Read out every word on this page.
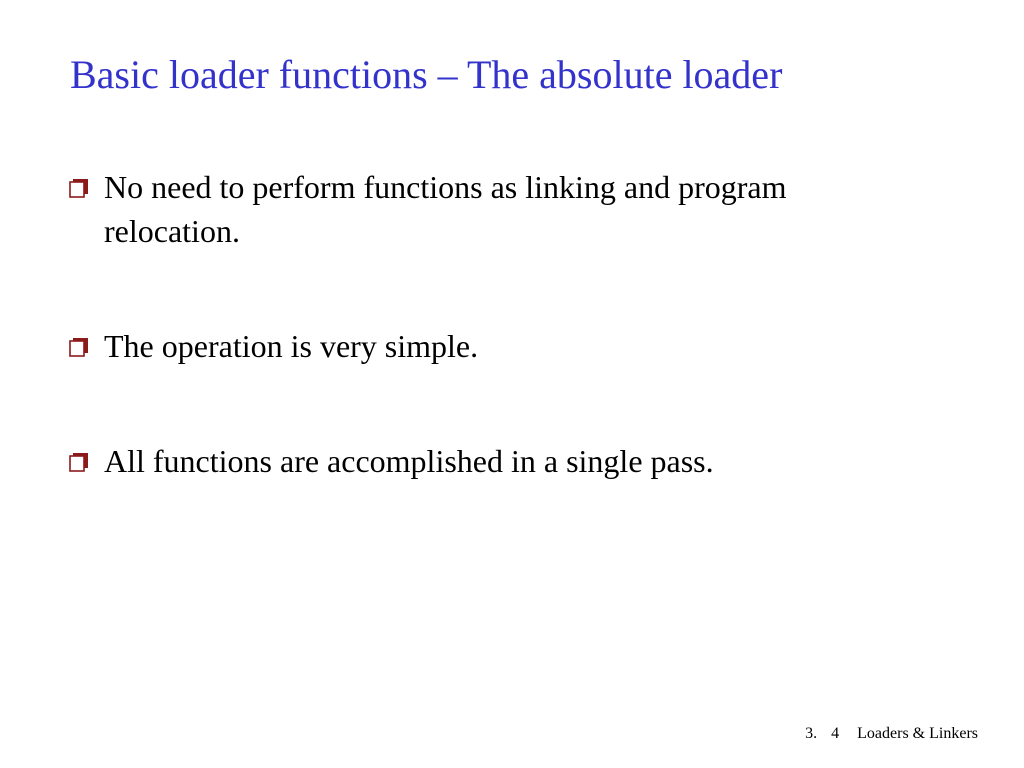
Basic loader functions – The absolute loader
No need to perform functions as linking and program relocation.
The operation is very simple.
All functions are accomplished in a single pass.
3. 4 Loaders & Linkers
